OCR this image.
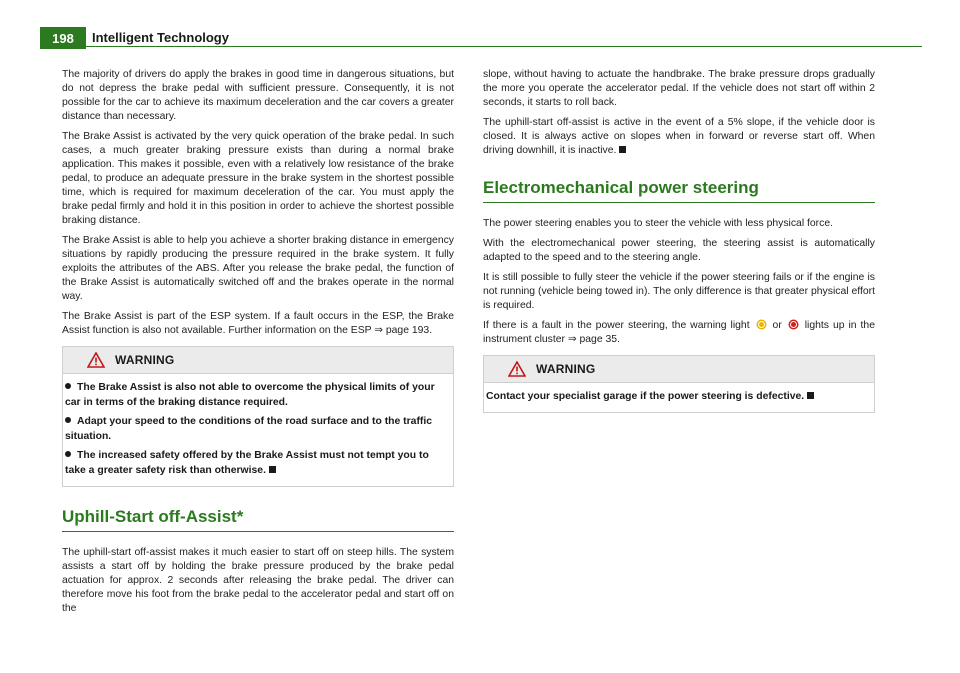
198	Intelligent Technology

The majority of drivers do apply the brakes in good time in dangerous situations, but do not depress the brake pedal with sufficient pressure. Consequently, it is not possible for the car to achieve its maximum deceleration and the car covers a greater distance than necessary.

The Brake Assist is activated by the very quick operation of the brake pedal. In such cases, a much greater braking pressure exists than during a normal brake application. This makes it possible, even with a relatively low resistance of the brake pedal, to produce an adequate pressure in the brake system in the shortest possible time, which is required for maximum deceleration of the car. You must apply the brake pedal firmly and hold it in this position in order to achieve the shortest possible braking distance.

The Brake Assist is able to help you achieve a shorter braking distance in emergency situations by rapidly producing the pressure required in the brake system. It fully exploits the attributes of the ABS. After you release the brake pedal, the function of the Brake Assist is automatically switched off and the brakes operate in the normal way.

The Brake Assist is part of the ESP system. If a fault occurs in the ESP, the Brake Assist function is also not available. Further information on the ESP ⇒ page 193.

WARNING
The Brake Assist is also not able to overcome the physical limits of your car in terms of the braking distance required.
Adapt your speed to the conditions of the road surface and to the traffic situation.
The increased safety offered by the Brake Assist must not tempt you to take a greater safety risk than otherwise.
Uphill-Start off-Assist*

The uphill-start off-assist makes it much easier to start off on steep hills. The system assists a start off by holding the brake pressure produced by the brake pedal actuation for approx. 2 seconds after releasing the brake pedal. The driver can therefore move his foot from the brake pedal to the accelerator pedal and start off on the

slope, without having to actuate the handbrake. The brake pressure drops gradually the more you operate the accelerator pedal. If the vehicle does not start off within 2 seconds, it starts to roll back.

The uphill-start off-assist is active in the event of a 5% slope, if the vehicle door is closed. It is always active on slopes when in forward or reverse start off. When driving downhill, it is inactive.

Electromechanical power steering

The power steering enables you to steer the vehicle with less physical force.

With the electromechanical power steering, the steering assist is automatically adapted to the speed and to the steering angle.

It is still possible to fully steer the vehicle if the power steering fails or if the engine is not running (vehicle being towed in). The only difference is that greater physical effort is required.

If there is a fault in the power steering, the warning light or lights up in the instrument cluster ⇒ page 35.

WARNING
Contact your specialist garage if the power steering is defective.
